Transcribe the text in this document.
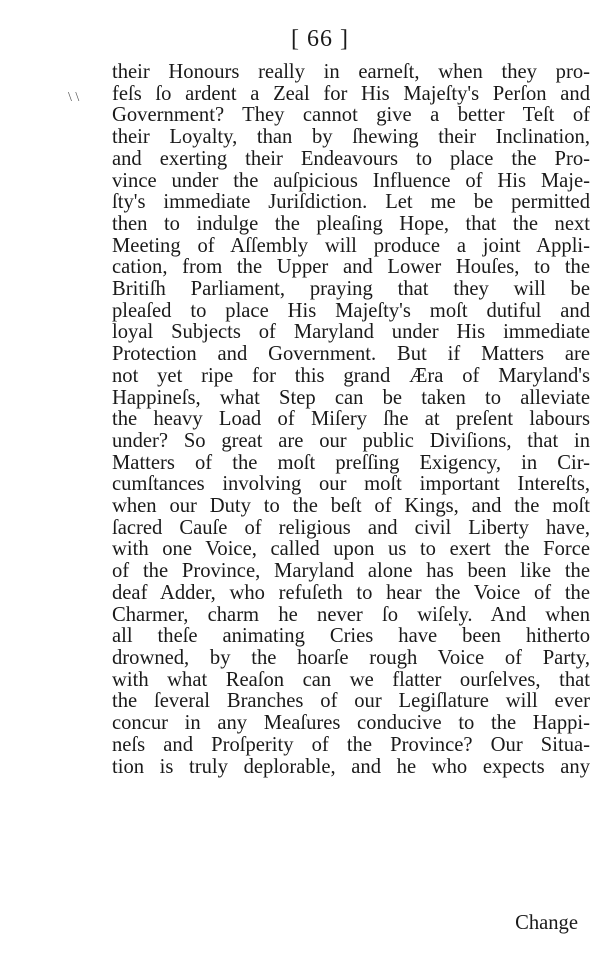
\ \
[ 66 ]
their Honours really in earneſt, when they pro-
feſs ſo ardent a Zeal for His Majeſty's Perſon and
Government? They cannot give a better Teſt of
their Loyalty, than by ſhewing their Inclination,
and exerting their Endeavours to place the Pro-
vince under the auſpicious Influence of His Maje-
ſty's immediate Juriſdiction. Let me be permitted
then to indulge the pleaſing Hope, that the next
Meeting of Aſſembly will produce a joint Appli-
cation, from the Upper and Lower Houſes, to the
Britiſh Parliament, praying that they will be
pleaſed to place His Majeſty's moſt dutiful and
loyal Subjects of Maryland under His immediate
Protection and Government. But if Matters are
not yet ripe for this grand Æra of Maryland's
Happineſs, what Step can be taken to alleviate
the heavy Load of Miſery ſhe at preſent labours
under? So great are our public Diviſions, that in
Matters of the moſt preſſing Exigency, in Cir-
cumſtances involving our moſt important Intereſts,
when our Duty to the beſt of Kings, and the moſt
ſacred Cauſe of religious and civil Liberty have,
with one Voice, called upon us to exert the Force
of the Province, Maryland alone has been like the
deaf Adder, who refuſeth to hear the Voice of the
Charmer, charm he never ſo wiſely. And when
all theſe animating Cries have been hitherto
drowned, by the hoarſe rough Voice of Party,
with what Reaſon can we flatter ourſelves, that
the ſeveral Branches of our Legiſlature will ever
concur in any Meaſures conducive to the Happi-
neſs and Proſperity of the Province? Our Situa-
tion is truly deplorable, and he who expects any
Change
